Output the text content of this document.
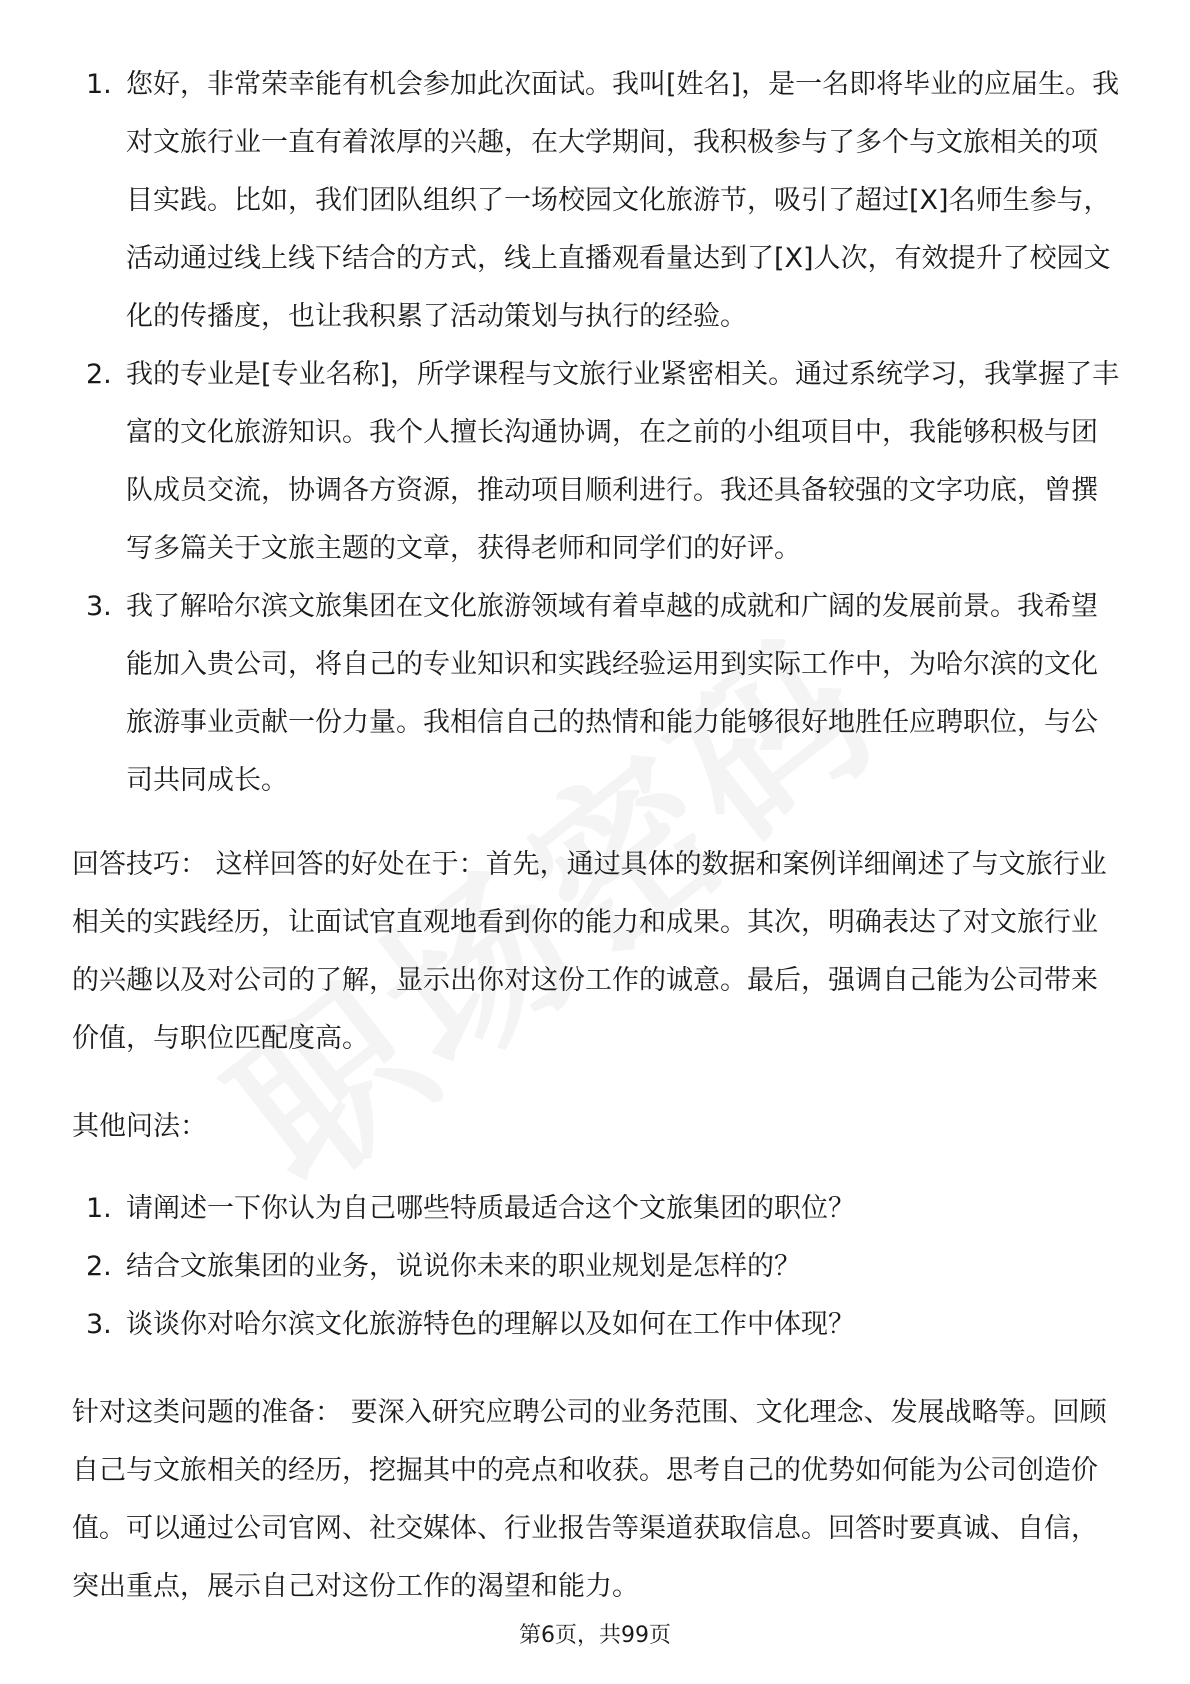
1. 您好，非常荣幸能有机会参加此次面试。我叫[姓名]，是一名即将毕业的应届生。我对文旅行业一直有着浓厚的兴趣，在大学期间，我积极参与了多个与文旅相关的项目实践。比如，我们团队组织了一场校园文化旅游节，吸引了超过[X]名师生参与，活动通过线上线下结合的方式，线上直播观看量达到了[X]人次，有效提升了校园文化的传播度，也让我积累了活动策划与执行的经验。
2. 我的专业是[专业名称]，所学课程与文旅行业紧密相关。通过系统学习，我掌握了丰富的文化旅游知识。我个人擅长沟通协调，在之前的小组项目中，我能够积极与团队成员交流，协调各方资源，推动项目顺利进行。我还具备较强的文字功底，曾撰写多篇关于文旅主题的文章，获得老师和同学们的好评。
3. 我了解哈尔滨文旅集团在文化旅游领域有着卓越的成就和广阔的发展前景。我希望能加入贵公司，将自己的专业知识和实践经验运用到实际工作中，为哈尔滨的文化旅游事业贡献一份力量。我相信自己的热情和能力能够很好地胜任应聘职位，与公司共同成长。

回答技巧： 这样回答的好处在于：首先，通过具体的数据和案例详细阐述了与文旅行业相关的实践经历，让面试官直观地看到你的能力和成果。其次，明确表达了对文旅行业的兴趣以及对公司的了解，显示出你对这份工作的诚意。最后，强调自己能为公司带来价值，与职位匹配度高。

其他问法：

1. 请阐述一下你认为自己哪些特质最适合这个文旅集团的职位？
2. 结合文旅集团的业务，说说你未来的职业规划是怎样的？
3. 谈谈你对哈尔滨文化旅游特色的理解以及如何在工作中体现？

针对这类问题的准备： 要深入研究应聘公司的业务范围、文化理念、发展战略等。回顾自己与文旅相关的经历，挖掘其中的亮点和收获。思考自己的优势如何能为公司创造价值。可以通过公司官网、社交媒体、行业报告等渠道获取信息。回答时要真诚、自信，突出重点，展示自己对这份工作的渴望和能力。

第6页，共99页
